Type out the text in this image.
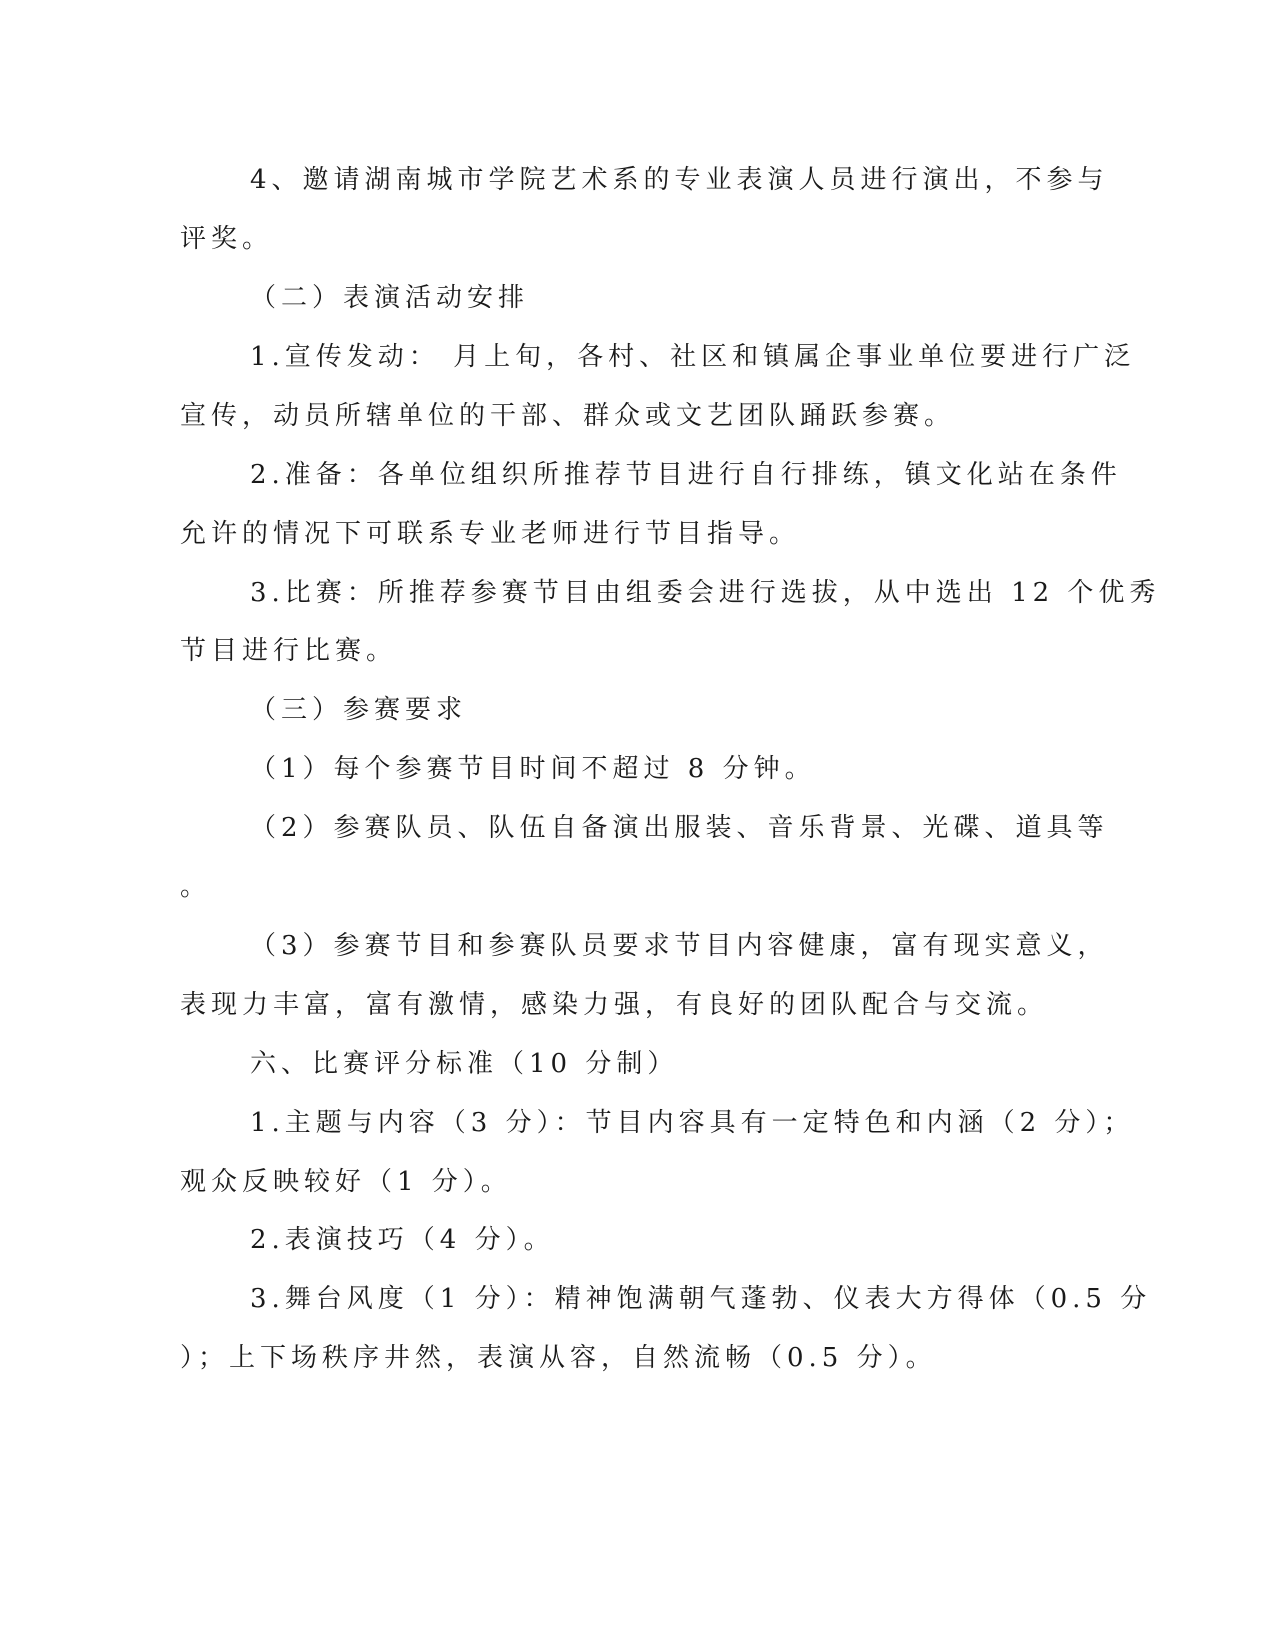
4、邀请湖南城市学院艺术系的专业表演人员进行演出，不参与
评奖。
（二）表演活动安排
1.宣传发动： 月上旬，各村、社区和镇属企事业单位要进行广泛
宣传，动员所辖单位的干部、群众或文艺团队踊跃参赛。
2.准备：各单位组织所推荐节目进行自行排练，镇文化站在条件
允许的情况下可联系专业老师进行节目指导。
3.比赛：所推荐参赛节目由组委会进行选拔，从中选出 12 个优秀
节目进行比赛。
（三）参赛要求
（1）每个参赛节目时间不超过 8 分钟。
（2）参赛队员、队伍自备演出服装、音乐背景、光碟、道具等
。
（3）参赛节目和参赛队员要求节目内容健康，富有现实意义，
表现力丰富，富有激情，感染力强，有良好的团队配合与交流。
六、比赛评分标准（10 分制）
1.主题与内容（3 分）：节目内容具有一定特色和内涵（2 分）；
观众反映较好（1 分）。
2.表演技巧（4 分）。
3.舞台风度（1 分）：精神饱满朝气蓬勃、仪表大方得体（0.5 分
）；上下场秩序井然，表演从容，自然流畅（0.5 分）。
